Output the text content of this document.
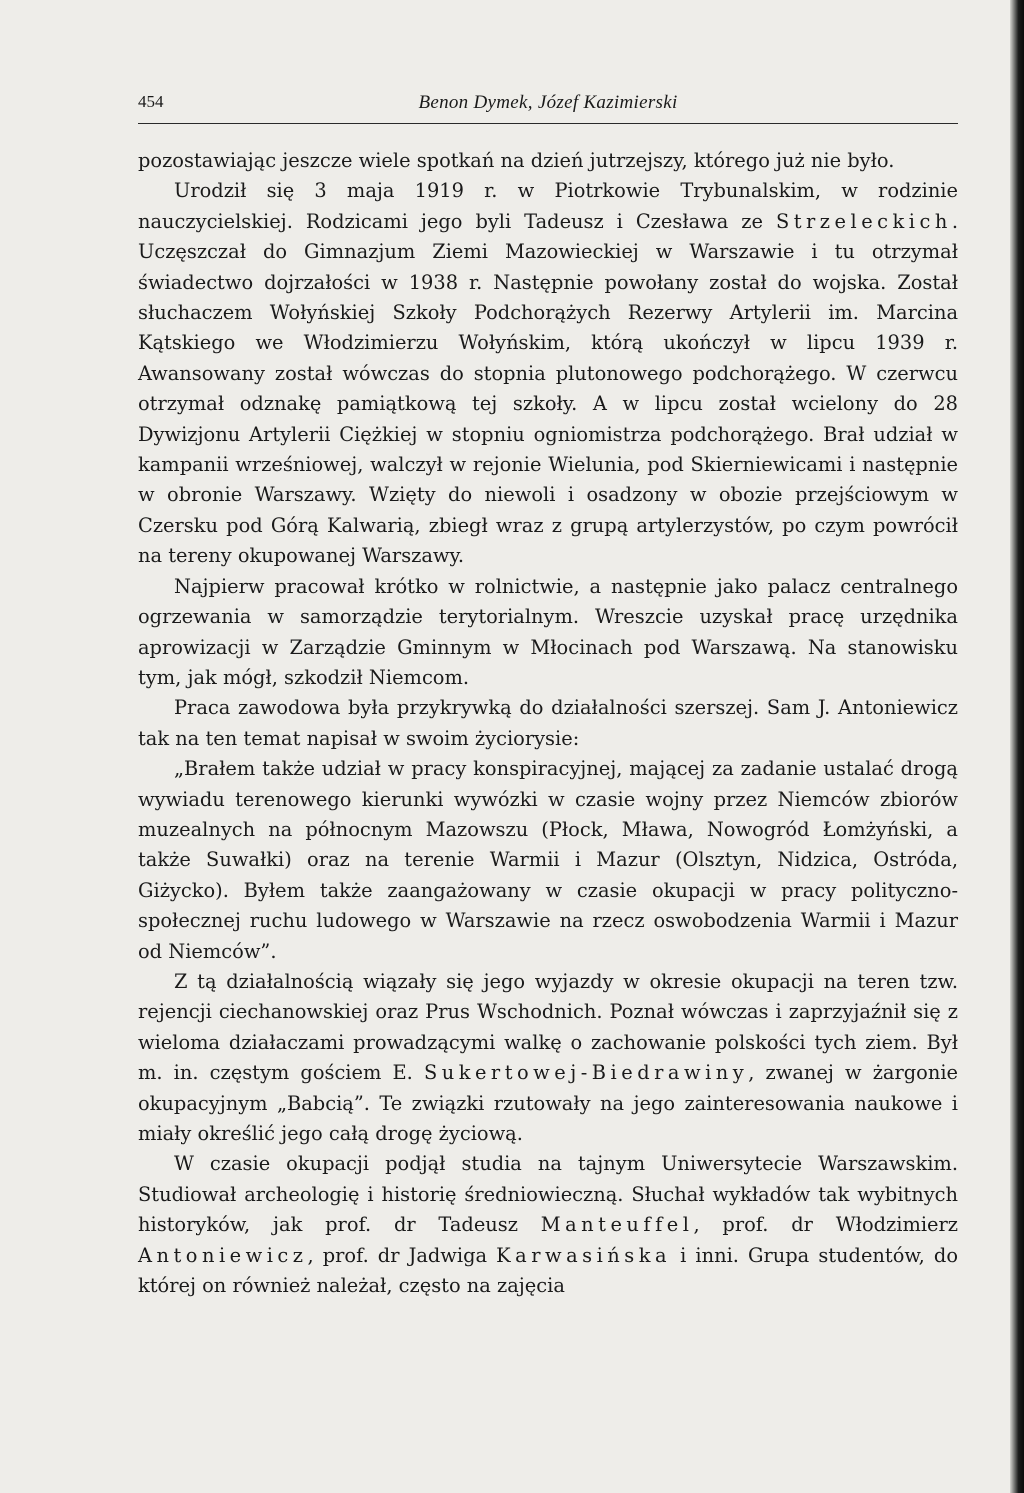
454	Benon Dymek, Józef Kazimierski

pozostawiając jeszcze wiele spotkań na dzień jutrzejszy, którego już nie było.

Urodził się 3 maja 1919 r. w Piotrkowie Trybunalskim, w rodzinie nauczycielskiej. Rodzicami jego byli Tadeusz i Czesława ze Strzeleckich. Uczęszczał do Gimnazjum Ziemi Mazowieckiej w Warszawie i tu otrzymał świadectwo dojrzałości w 1938 r. Następnie powołany został do wojska. Został słuchaczem Wołyńskiej Szkoły Podchorążych Rezerwy Artylerii im. Marcina Kątskiego we Włodzimierzu Wołyńskim, którą ukończył w lipcu 1939 r. Awansowany został wówczas do stopnia plutonowego podchorążego. W czerwcu otrzymał odznakę pamiątkową tej szkoły. A w lipcu został wcielony do 28 Dywizjonu Artylerii Ciężkiej w stopniu ogniomistrza podchorążego. Brał udział w kampanii wrześniowej, walczył w rejonie Wielunia, pod Skierniewicami i następnie w obronie Warszawy. Wzięty do niewoli i osadzony w obozie przejściowym w Czersku pod Górą Kalwarią, zbiegł wraz z grupą artylerzystów, po czym powrócił na tereny okupowanej Warszawy.

Najpierw pracował krótko w rolnictwie, a następnie jako palacz centralnego ogrzewania w samorządzie terytorialnym. Wreszcie uzyskał pracę urzędnika aprowizacji w Zarządzie Gminnym w Młocinach pod Warszawą. Na stanowisku tym, jak mógł, szkodził Niemcom.

Praca zawodowa była przykrywką do działalności szerszej. Sam J. Antoniewicz tak na ten temat napisał w swoim życiorysie:

„Brałem także udział w pracy konspiracyjnej, mającej za zadanie ustalać drogą wywiadu terenowego kierunki wywózki w czasie wojny przez Niemców zbiorów muzealnych na północnym Mazowszu (Płock, Mława, Nowogród Łomżyński, a także Suwałki) oraz na terenie Warmii i Mazur (Olsztyn, Nidzica, Ostróda, Giżycko). Byłem także zaangażowany w czasie okupacji w pracy polityczno-społecznej ruchu ludowego w Warszawie na rzecz oswobodzenia Warmii i Mazur od Niemców”.

Z tą działalnością wiązały się jego wyjazdy w okresie okupacji na teren tzw. rejencji ciechanowskiej oraz Prus Wschodnich. Poznał wówczas i zaprzyjaźnił się z wieloma działaczami prowadzącymi walkę o zachowanie polskości tych ziem. Był m. in. częstym gościem E. Sukertowej-Biedrawiny, zwanej w żargonie okupacyjnym „Babcią”. Te związki rzutowały na jego zainteresowania naukowe i miały określić jego całą drogę życiową.

W czasie okupacji podjął studia na tajnym Uniwersytecie Warszawskim. Studiował archeologię i historię średniowieczną. Słuchał wykładów tak wybitnych historyków, jak prof. dr Tadeusz Manteuffel, prof. dr Włodzimierz Antoniewicz, prof. dr Jadwiga Karwasińska i inni. Grupa studentów, do której on również należał, często na zajęcia
